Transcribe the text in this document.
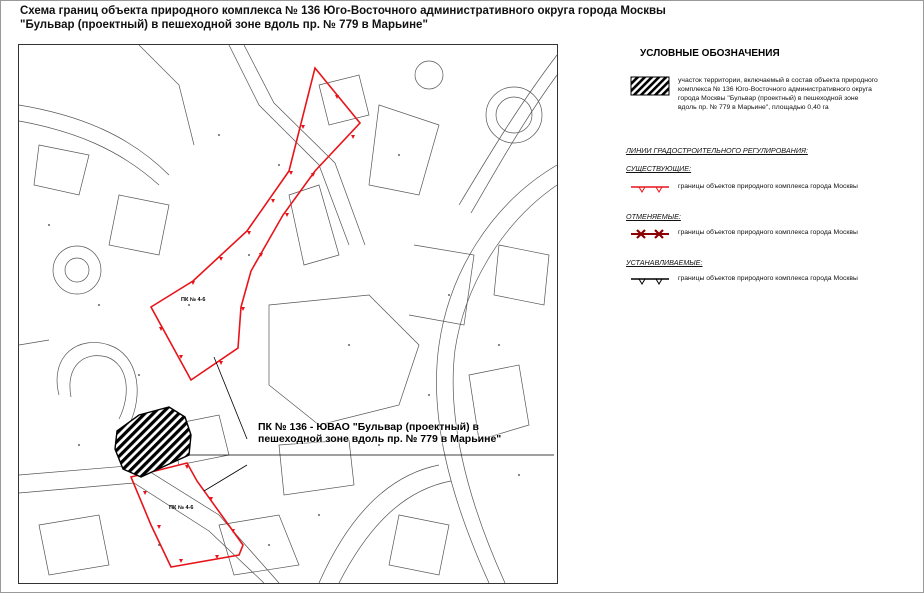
Схема границ объекта природного комплекса № 136 Юго-Восточного административного округа города Москвы
"Бульвар (проектный) в пешеходной зоне вдоль пр. № 779 в Марьине"
ПК № 4-6
ПК № 4-6
ПК № 136 - ЮВАО "Бульвар (проектный) в
пешеходной зоне вдоль пр. № 779 в Марьине"
УСЛОВНЫЕ ОБОЗНАЧЕНИЯ
участок территории, включаемый в состав объекта природного комплекса № 136 Юго-Восточного административного округа города Москвы "Бульвар (проектный) в пешеходной зоне вдоль пр. № 779 в Марьине", площадью 0,40 га
ЛИНИИ ГРАДОСТРОИТЕЛЬНОГО РЕГУЛИРОВАНИЯ:
СУЩЕСТВУЮЩИЕ:
границы объектов природного комплекса города Москвы
ОТМЕНЯЕМЫЕ:
границы объектов природного комплекса города Москвы
УСТАНАВЛИВАЕМЫЕ:
границы объектов природного комплекса города Москвы
